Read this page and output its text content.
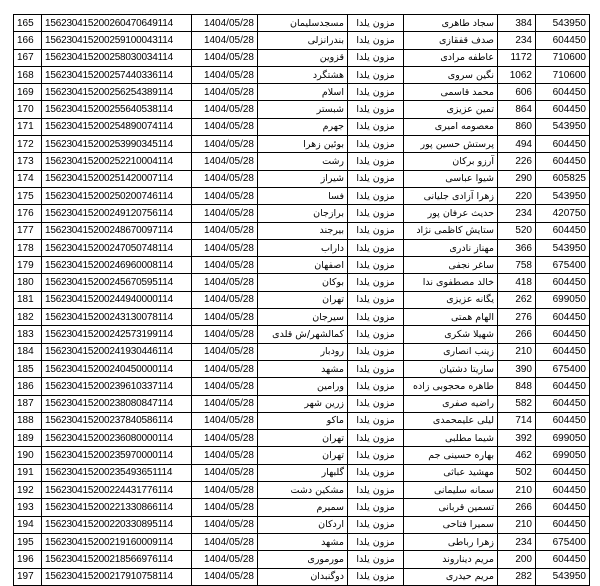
165	156230415200260470649114	1404/05/28	مسجدسلیمان	مزون یلدا	سجاد طاهری	384	543950
166	156230415200259100043114	1404/05/28	بندرانزلی	مزون یلدا	صدف قفقازی	234	604450
167	156230415200258030034114	1404/05/28	قزوین	مزون یلدا	عاطفه مرادی	1172	710600
168	156230415200257440336114	1404/05/28	هشتگرد	مزون یلدا	نگین سروی	1062	710600
169	156230415200256254389114	1404/05/28	اسلام	مزون یلدا	محمد قاسمی	606	604450
170	156230415200255640538114	1404/05/28	شبستر	مزون یلدا	تمین عزیزی	864	604450
171	156230415200254890074114	1404/05/28	جهرم	مزون یلدا	معصومه امیری	860	543950
172	156230415200253990345114	1404/05/28	بوئین زهرا	مزون یلدا	پرستش حسین پور	494	604450
173	156230415200252210004114	1404/05/28	رشت	مزون یلدا	آرزو برکان	226	604450
174	156230415200251420007114	1404/05/28	شیراز	مزون یلدا	شیوا عباسی	290	605825
175	156230415200250200746114	1404/05/28	فسا	مزون یلدا	زهرا آزادی جلیانی	220	543950
176	156230415200249120756114	1404/05/28	برازجان	مزون یلدا	حدیث عرفان پور	234	420750
177	156230415200248670097114	1404/05/28	بیرجند	مزون یلدا	ستایش کاظمی نژاد	520	604450
178	156230415200247050748114	1404/05/28	داراب	مزون یلدا	مهناز نادری	366	543950
179	156230415200246960008114	1404/05/28	اصفهان	مزون یلدا	ساغر نجفی	758	675400
180	156230415200245670595114	1404/05/28	بوکان	مزون یلدا	خالد مصطفوی ندا	418	604450
181	156230415200244940000114	1404/05/28	تهران	مزون یلدا	یگانه عزیزی	262	699050
182	156230415200243130078114	1404/05/28	سیرجان	مزون یلدا	الهام همتی	276	604450
183	156230415200242573199114	1404/05/28	کمالشهر/ش قلدی	مزون یلدا	شهیلا شکری	266	604450
184	156230415200241930446114	1404/05/28	رودبار	مزون یلدا	زینب انصاری	210	604450
185	156230415200240450000114	1404/05/28	مشهد	مزون یلدا	ساریتا دشتیان	390	675400
186	156230415200239610337114	1404/05/28	ورامین	مزون یلدا	طاهره محجوبی زاده	848	604450
187	156230415200238080847114	1404/05/28	زرین شهر	مزون یلدا	راضیه صفری	582	604450
188	156230415200237840586114	1404/05/28	ماکو	مزون یلدا	لیلی علیمحمدی	714	604450
189	156230415200236080000114	1404/05/28	تهران	مزون یلدا	شیما مطلبی	392	699050
190	156230415200235970000114	1404/05/28	تهران	مزون یلدا	بهاره حسینی جم	462	699050
191	156230415200235493651114	1404/05/28	گلبهار	مزون یلدا	مهشید عباثی	502	604450
192	156230415200224431776114	1404/05/28	مشکین دشت	مزون یلدا	سمانه سلیمانی	210	604450
193	156230415200221330866114	1404/05/28	سمیرم	مزون یلدا	تسمین قربانی	266	604450
194	156230415200220330895114	1404/05/28	اردکان	مزون یلدا	سمیرا فتاحی	210	604450
195	156230415200219160009114	1404/05/28	مشهد	مزون یلدا	زهرا رباطی	234	675400
196	156230415200218566976114	1404/05/28	مورموری	مزون یلدا	مریم دیناروند	200	604450
197	156230415200217910758114	1404/05/28	دوگنبدان	مزون یلدا	مریم حیدری	282	543950
